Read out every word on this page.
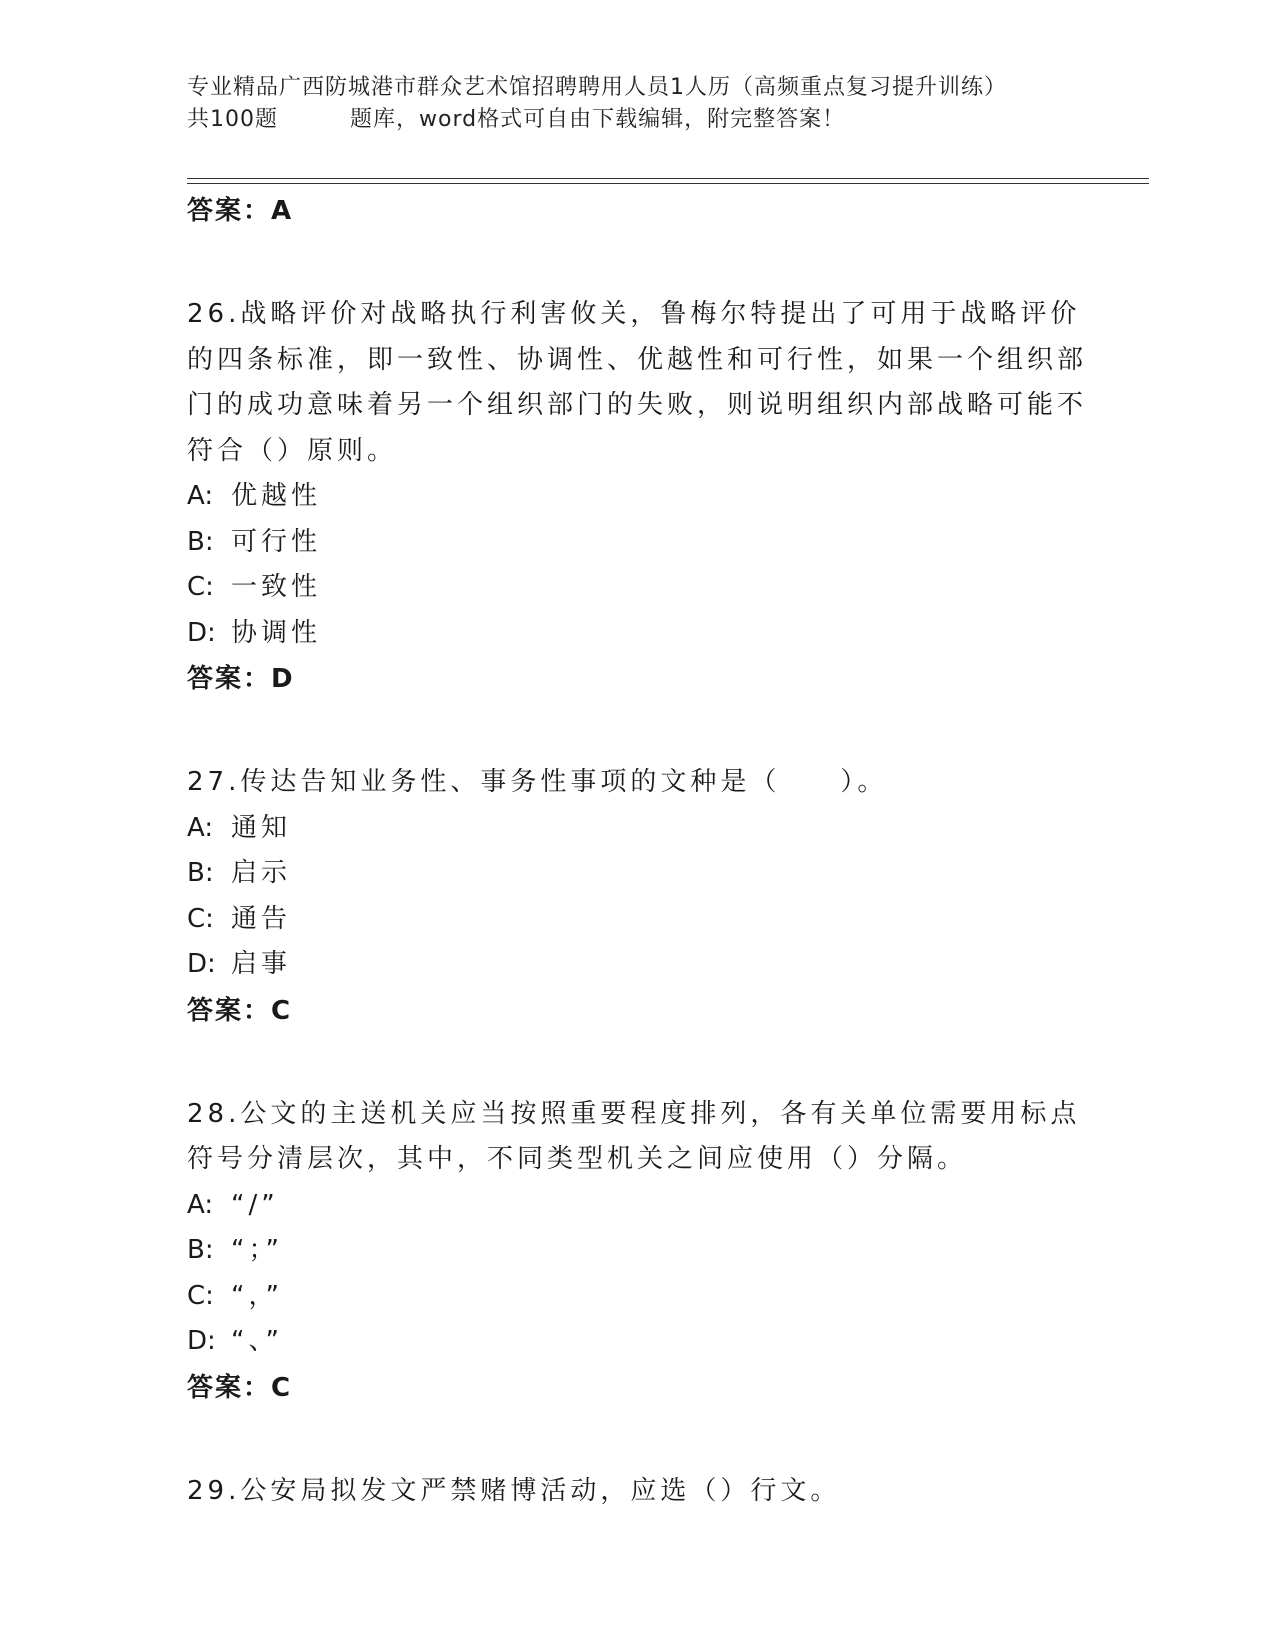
专业精品广西防城港市群众艺术馆招聘聘用人员1人历（高频重点复习提升训练）
共100题	题库，word格式可自由下载编辑，附完整答案！
答案：A
26.战略评价对战略执行利害攸关，鲁梅尔特提出了可用于战略评价的四条标准，即一致性、协调性、优越性和可行性，如果一个组织部门的成功意味着另一个组织部门的失败，则说明组织内部战略可能不符合（）原则。
A: 优越性
B: 可行性
C: 一致性
D: 协调性
答案：D
27.传达告知业务性、事务性事项的文种是（　　）。
A: 通知
B: 启示
C: 通告
D: 启事
答案：C
28.公文的主送机关应当按照重要程度排列，各有关单位需要用标点符号分清层次，其中，不同类型机关之间应使用（）分隔。
A: “/”
B: “；”
C: “，”
D: “、”
答案：C
29.公安局拟发文严禁赌博活动，应选（）行文。
